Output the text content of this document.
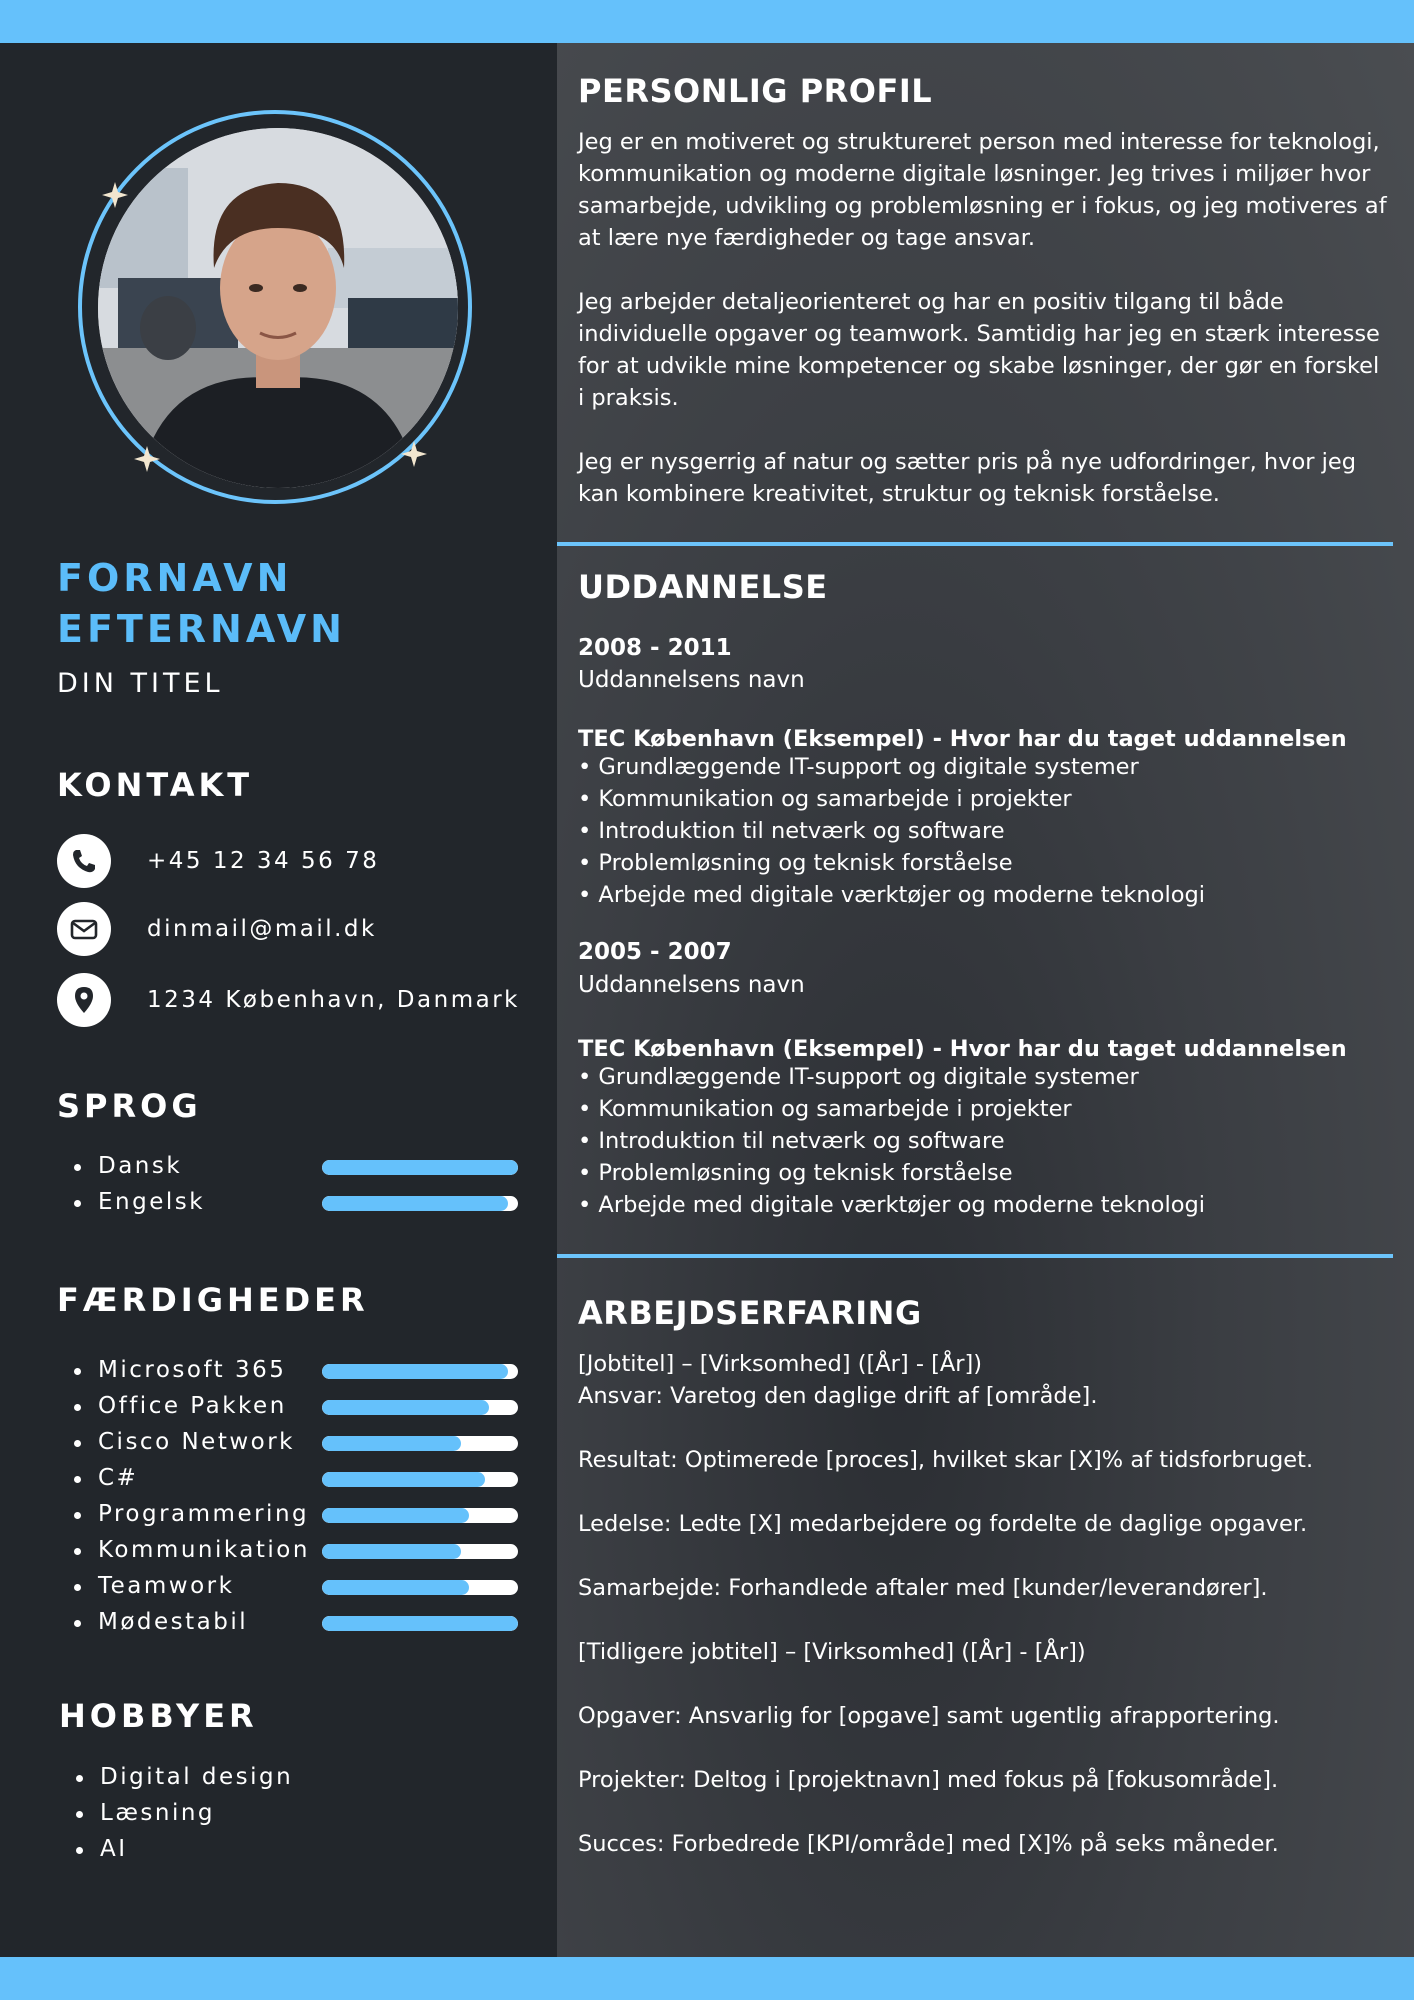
FORNAVN
EFTERNAVN
DIN TITEL
KONTAKT
+45 12 34 56 78
dinmail@mail.dk
1234 København, Danmark
SPROG
Dansk
Engelsk
FÆRDIGHEDER
Microsoft 365
Office Pakken
Cisco Network
C#
Programmering
Kommunikation
Teamwork
Mødestabil
HOBBYER
Digital design
Læsning
AI
PERSONLIG PROFIL

Jeg er en motiveret og struktureret person med interesse for teknologi, kommunikation og moderne digitale løsninger. Jeg trives i miljøer hvor samarbejde, udvikling og problemløsning er i fokus, og jeg motiveres af at lære nye færdigheder og tage ansvar.

Jeg arbejder detaljeorienteret og har en positiv tilgang til både individuelle opgaver og teamwork. Samtidig har jeg en stærk interesse for at udvikle mine kompetencer og skabe løsninger, der gør en forskel i praksis.

Jeg er nysgerrig af natur og sætter pris på nye udfordringer, hvor jeg kan kombinere kreativitet, struktur og teknisk forståelse.

UDDANNELSE
2008 - 2011
Uddannelsens navn
TEC København (Eksempel) - Hvor har du taget uddannelsen
• Grundlæggende IT-support og digitale systemer
• Kommunikation og samarbejde i projekter
• Introduktion til netværk og software
• Problemløsning og teknisk forståelse
• Arbejde med digitale værktøjer og moderne teknologi
2005 - 2007
Uddannelsens navn
TEC København (Eksempel) - Hvor har du taget uddannelsen
• Grundlæggende IT-support og digitale systemer
• Kommunikation og samarbejde i projekter
• Introduktion til netværk og software
• Problemløsning og teknisk forståelse
• Arbejde med digitale værktøjer og moderne teknologi
ARBEJDSERFARING
[Jobtitel] – [Virksomhed] ([År] - [År])
Ansvar: Varetog den daglige drift af [område].
Resultat: Optimerede [proces], hvilket skar [X]% af tidsforbruget.
Ledelse: Ledte [X] medarbejdere og fordelte de daglige opgaver.
Samarbejde: Forhandlede aftaler med [kunder/leverandører].
[Tidligere jobtitel] – [Virksomhed] ([År] - [År])
Opgaver: Ansvarlig for [opgave] samt ugentlig afrapportering.
Projekter: Deltog i [projektnavn] med fokus på [fokusområde].
Succes: Forbedrede [KPI/område] med [X]% på seks måneder.
